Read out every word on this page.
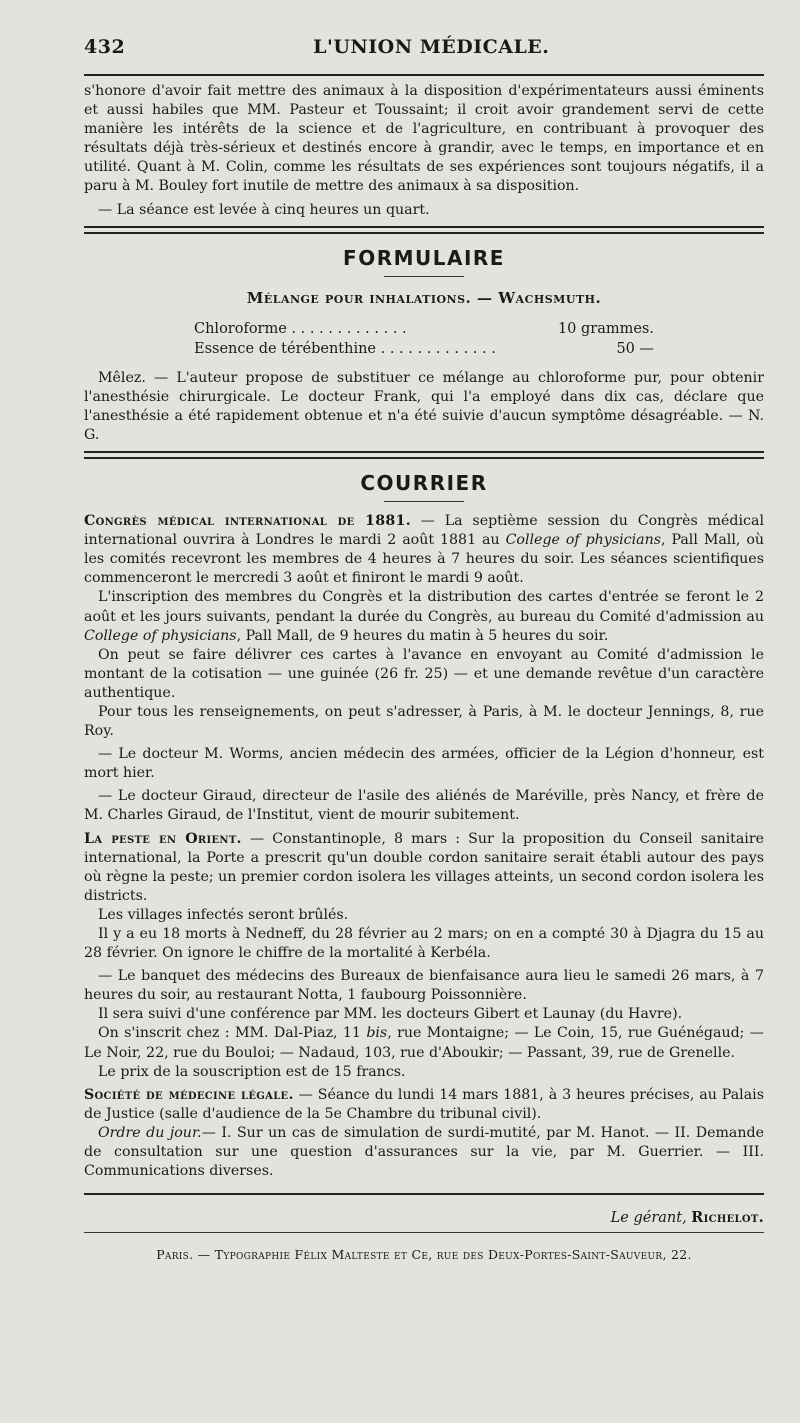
432	L'UNION MÉDICALE.

s'honore d'avoir fait mettre des animaux à la disposition d'expérimentateurs aussi éminents et aussi habiles que MM. Pasteur et Toussaint; il croit avoir grandement servi de cette manière les intérêts de la science et de l'agriculture, en contribuant à provoquer des résultats déjà très-sérieux et destinés encore à grandir, avec le temps, en importance et en utilité. Quant à M. Colin, comme les résultats de ses expériences sont toujours négatifs, il a paru à M. Bouley fort inutile de mettre des animaux à sa disposition.

— La séance est levée à cinq heures un quart.

FORMULAIRE
Mélange pour inhalations. — Wachsmuth.
Chloroforme . . .	10 grammes.
Essence de térébenthine . . .	50 —

Mêlez. — L'auteur propose de substituer ce mélange au chloroforme pur, pour obtenir l'anesthésie chirurgicale. Le docteur Frank, qui l'a employé dans dix cas, déclare que l'anesthésie a été rapidement obtenue et n'a été suivie d'aucun symptôme désagréable. — N. G.

COURRIER

Congrès médical international de 1881. — La septième session du Congrès médical international ouvrira à Londres le mardi 2 août 1881 au College of physicians, Pall Mall, où les comités recevront les membres de 4 heures à 7 heures du soir. Les séances scientifiques commenceront le mercredi 3 août et finiront le mardi 9 août.

L'inscription des membres du Congrès et la distribution des cartes d'entrée se feront le 2 août et les jours suivants, pendant la durée du Congrès, au bureau du Comité d'admission au College of physicians, Pall Mall, de 9 heures du matin à 5 heures du soir.

On peut se faire délivrer ces cartes à l'avance en envoyant au Comité d'admission le montant de la cotisation — une guinée (26 fr. 25) — et une demande revêtue d'un caractère authentique.

Pour tous les renseignements, on peut s'adresser, à Paris, à M. le docteur Jennings, 8, rue Roy.

— Le docteur M. Worms, ancien médecin des armées, officier de la Légion d'honneur, est mort hier.

— Le docteur Giraud, directeur de l'asile des aliénés de Maréville, près Nancy, et frère de M. Charles Giraud, de l'Institut, vient de mourir subitement.

La peste en Orient. — Constantinople, 8 mars : Sur la proposition du Conseil sanitaire international, la Porte a prescrit qu'un double cordon sanitaire serait établi autour des pays où règne la peste; un premier cordon isolera les villages atteints, un second cordon isolera les districts.

Les villages infectés seront brûlés.

Il y a eu 18 morts à Nedneff, du 28 février au 2 mars; on en a compté 30 à Djagra du 15 au 28 février. On ignore le chiffre de la mortalité à Kerbéla.

— Le banquet des médecins des Bureaux de bienfaisance aura lieu le samedi 26 mars, à 7 heures du soir, au restaurant Notta, 1 faubourg Poissonnière.

Il sera suivi d'une conférence par MM. les docteurs Gibert et Launay (du Havre).

On s'inscrit chez : MM. Dal-Piaz, 11 bis, rue Montaigne; — Le Coin, 15, rue Guénégaud; — Le Noir, 22, rue du Bouloi; — Nadaud, 103, rue d'Aboukir; — Passant, 39, rue de Grenelle.

Le prix de la souscription est de 15 francs.

Société de médecine légale. — Séance du lundi 14 mars 1881, à 3 heures précises, au Palais de Justice (salle d'audience de la 5e Chambre du tribunal civil).

Ordre du jour.— I. Sur un cas de simulation de surdi-mutité, par M. Hanot. — II. Demande de consultation sur une question d'assurances sur la vie, par M. Guerrier. — III. Communications diverses.

Le gérant, Richelot.
Paris. — Typographie Félix Malteste et Ce, rue des Deux-Portes-Saint-Sauveur, 22.
